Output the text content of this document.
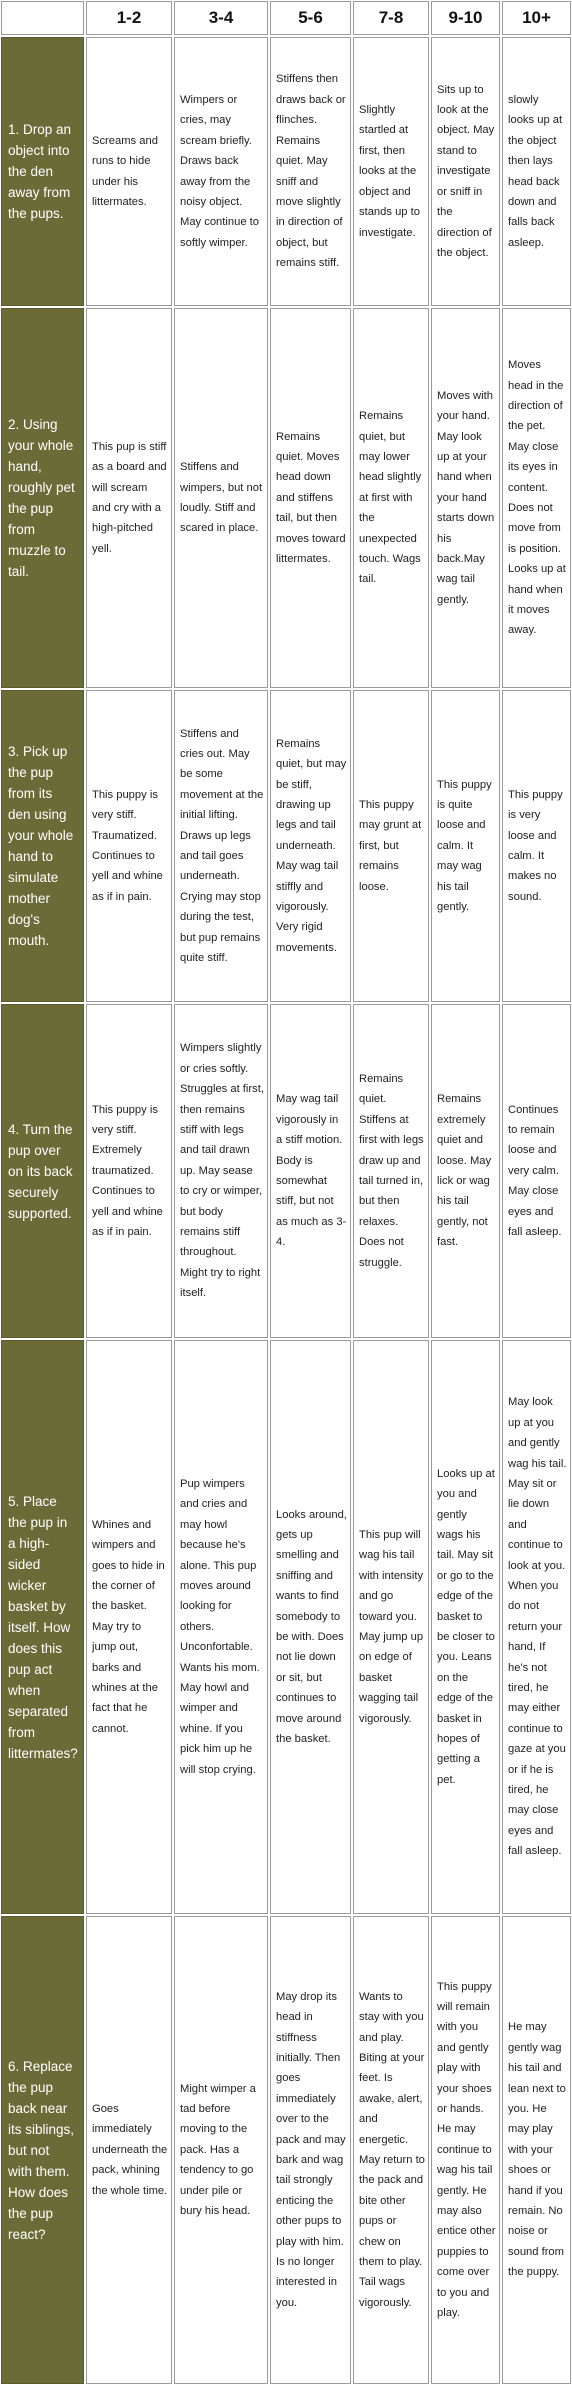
1-2	3-4	5-6	7-8	9-10	10+
1. Drop an object into the den away from the pups.
Screams and runs to hide under his littermates.
Wimpers or cries, may scream briefly. Draws back away from the noisy object. May continue to softly wimper.
Stiffens then draws back or flinches. Remains quiet. May sniff and move slightly in direction of object, but remains stiff.
Slightly startled at first, then looks at the object and stands up to investigate.
Sits up to look at the object. May stand to investigate or sniff in the direction of the object.
slowly looks up at the object then lays head back down and falls back asleep.
2. Using your whole hand, roughly pet the pup from muzzle to tail.
This pup is stiff as a board and will scream and cry with a high-pitched yell.
Stiffens and wimpers, but not loudly. Stiff and scared in place.
Remains quiet. Moves head down and stiffens tail, but then moves toward littermates.
Remains quiet, but may lower head slightly at first with the unexpected touch. Wags tail.
Moves with your hand. May look up at your hand when your hand starts down his back.May wag tail gently.
Moves head in the direction of the pet. May close its eyes in content. Does not move from is position. Looks up at hand when it moves away.
3. Pick up the pup from its den using your whole hand to simulate mother dog's mouth.
This puppy is very stiff. Traumatized. Continues to yell and whine as if in pain.
Stiffens and cries out. May be some movement at the initial lifting. Draws up legs and tail goes underneath. Crying may stop during the test, but pup remains quite stiff.
Remains quiet, but may be stiff, drawing up legs and tail underneath. May wag tail stiffly and vigorously. Very rigid movements.
This puppy may grunt at first, but remains loose.
This puppy is quite loose and calm. It may wag his tail gently.
This puppy is very loose and calm. It makes no sound.
4. Turn the pup over on its back securely supported.
This puppy is very stiff. Extremely traumatized. Continues to yell and whine as if in pain.
Wimpers slightly or cries softly. Struggles at first, then remains stiff with legs and tail drawn up. May sease to cry or wimper, but body remains stiff throughout. Might try to right itself.
May wag tail vigorously in a stiff motion. Body is somewhat stiff, but not as much as 3-4.
Remains quiet. Stiffens at first with legs draw up and tail turned in, but then relaxes. Does not struggle.
Remains extremely quiet and loose. May lick or wag his tail gently, not fast.
Continues to remain loose and very calm. May close eyes and fall asleep.
5. Place the pup in a high-sided wicker basket by itself. How does this pup act when separated from littermates?
Whines and wimpers and goes to hide in the corner of the basket. May try to jump out, barks and whines at the fact that he cannot.
Pup wimpers and cries and may howl because he's alone. This pup moves around looking for others. Unconfortable. Wants his mom. May howl and wimper and whine. If you pick him up he will stop crying.
Looks around, gets up smelling and sniffing and wants to find somebody to be with. Does not lie down or sit, but continues to move around the basket.
This pup will wag his tail with intensity and go toward you. May jump up on edge of basket wagging tail vigorously.
Looks up at you and gently wags his tail. May sit or go to the edge of the basket to be closer to you. Leans on the edge of the basket in hopes of getting a pet.
May look up at you and gently wag his tail. May sit or lie down and continue to look at you. When you do not return your hand, If he's not tired, he may either continue to gaze at you or if he is tired, he may close eyes and fall asleep.
6. Replace the pup back near its siblings, but not with them. How does the pup react?
Goes immediately underneath the pack, whining the whole time.
Might wimper a tad before moving to the pack. Has a tendency to go under pile or bury his head.
May drop its head in stiffness initially. Then goes immediately over to the pack and may bark and wag tail strongly enticing the other pups to play with him. Is no longer interested in you.
Wants to stay with you and play. Biting at your feet. Is awake, alert, and energetic. May return to the pack and bite other pups or chew on them to play. Tail wags vigorously.
This puppy will remain with you and gently play with your shoes or hands. He may continue to wag his tail gently. He may also entice other puppies to come over to you and play.
He may gently wag his tail and lean next to you. He may play with your shoes or hand if you remain. No noise or sound from the puppy.
